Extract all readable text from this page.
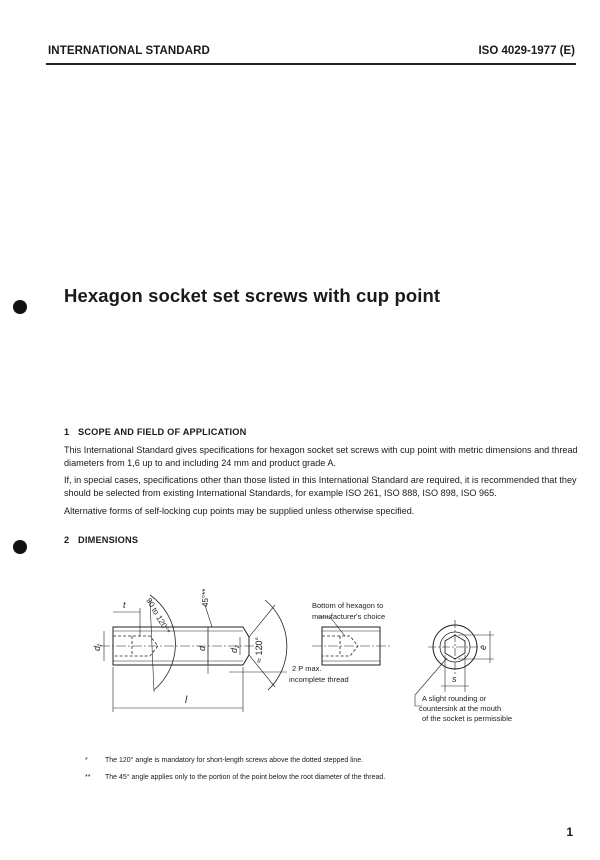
INTERNATIONAL STANDARD	ISO 4029-1977 (E)
Hexagon socket set screws with cup point
1 SCOPE AND FIELD OF APPLICATION
This International Standard gives specifications for hexagon socket set screws with cup point with metric dimensions and thread diameters from 1,6 up to and including 24 mm and product grade A.
If, in special cases, specifications other than those listed in this International Standard are required, it is recommended that they should be selected from existing International Standards, for example ISO 261, ISO 888, ISO 898, ISO 965.
Alternative forms of self-locking cup points may be supplied unless otherwise specified.
2 DIMENSIONS
90 to 120°*	45°**
t
$d_f$
d $d_z \approx 120^\circ$
l
2 P max.
incomplete thread
Bottom of hexagon to
manufacturer's choice
e
s
A slight rounding or
countersink at the mouth
of the socket is permissible
*	The 120° angle is mandatory for short-length screws above the dotted stepped line.
**	The 45° angle applies only to the portion of the point below the root diameter of the thread.
1
